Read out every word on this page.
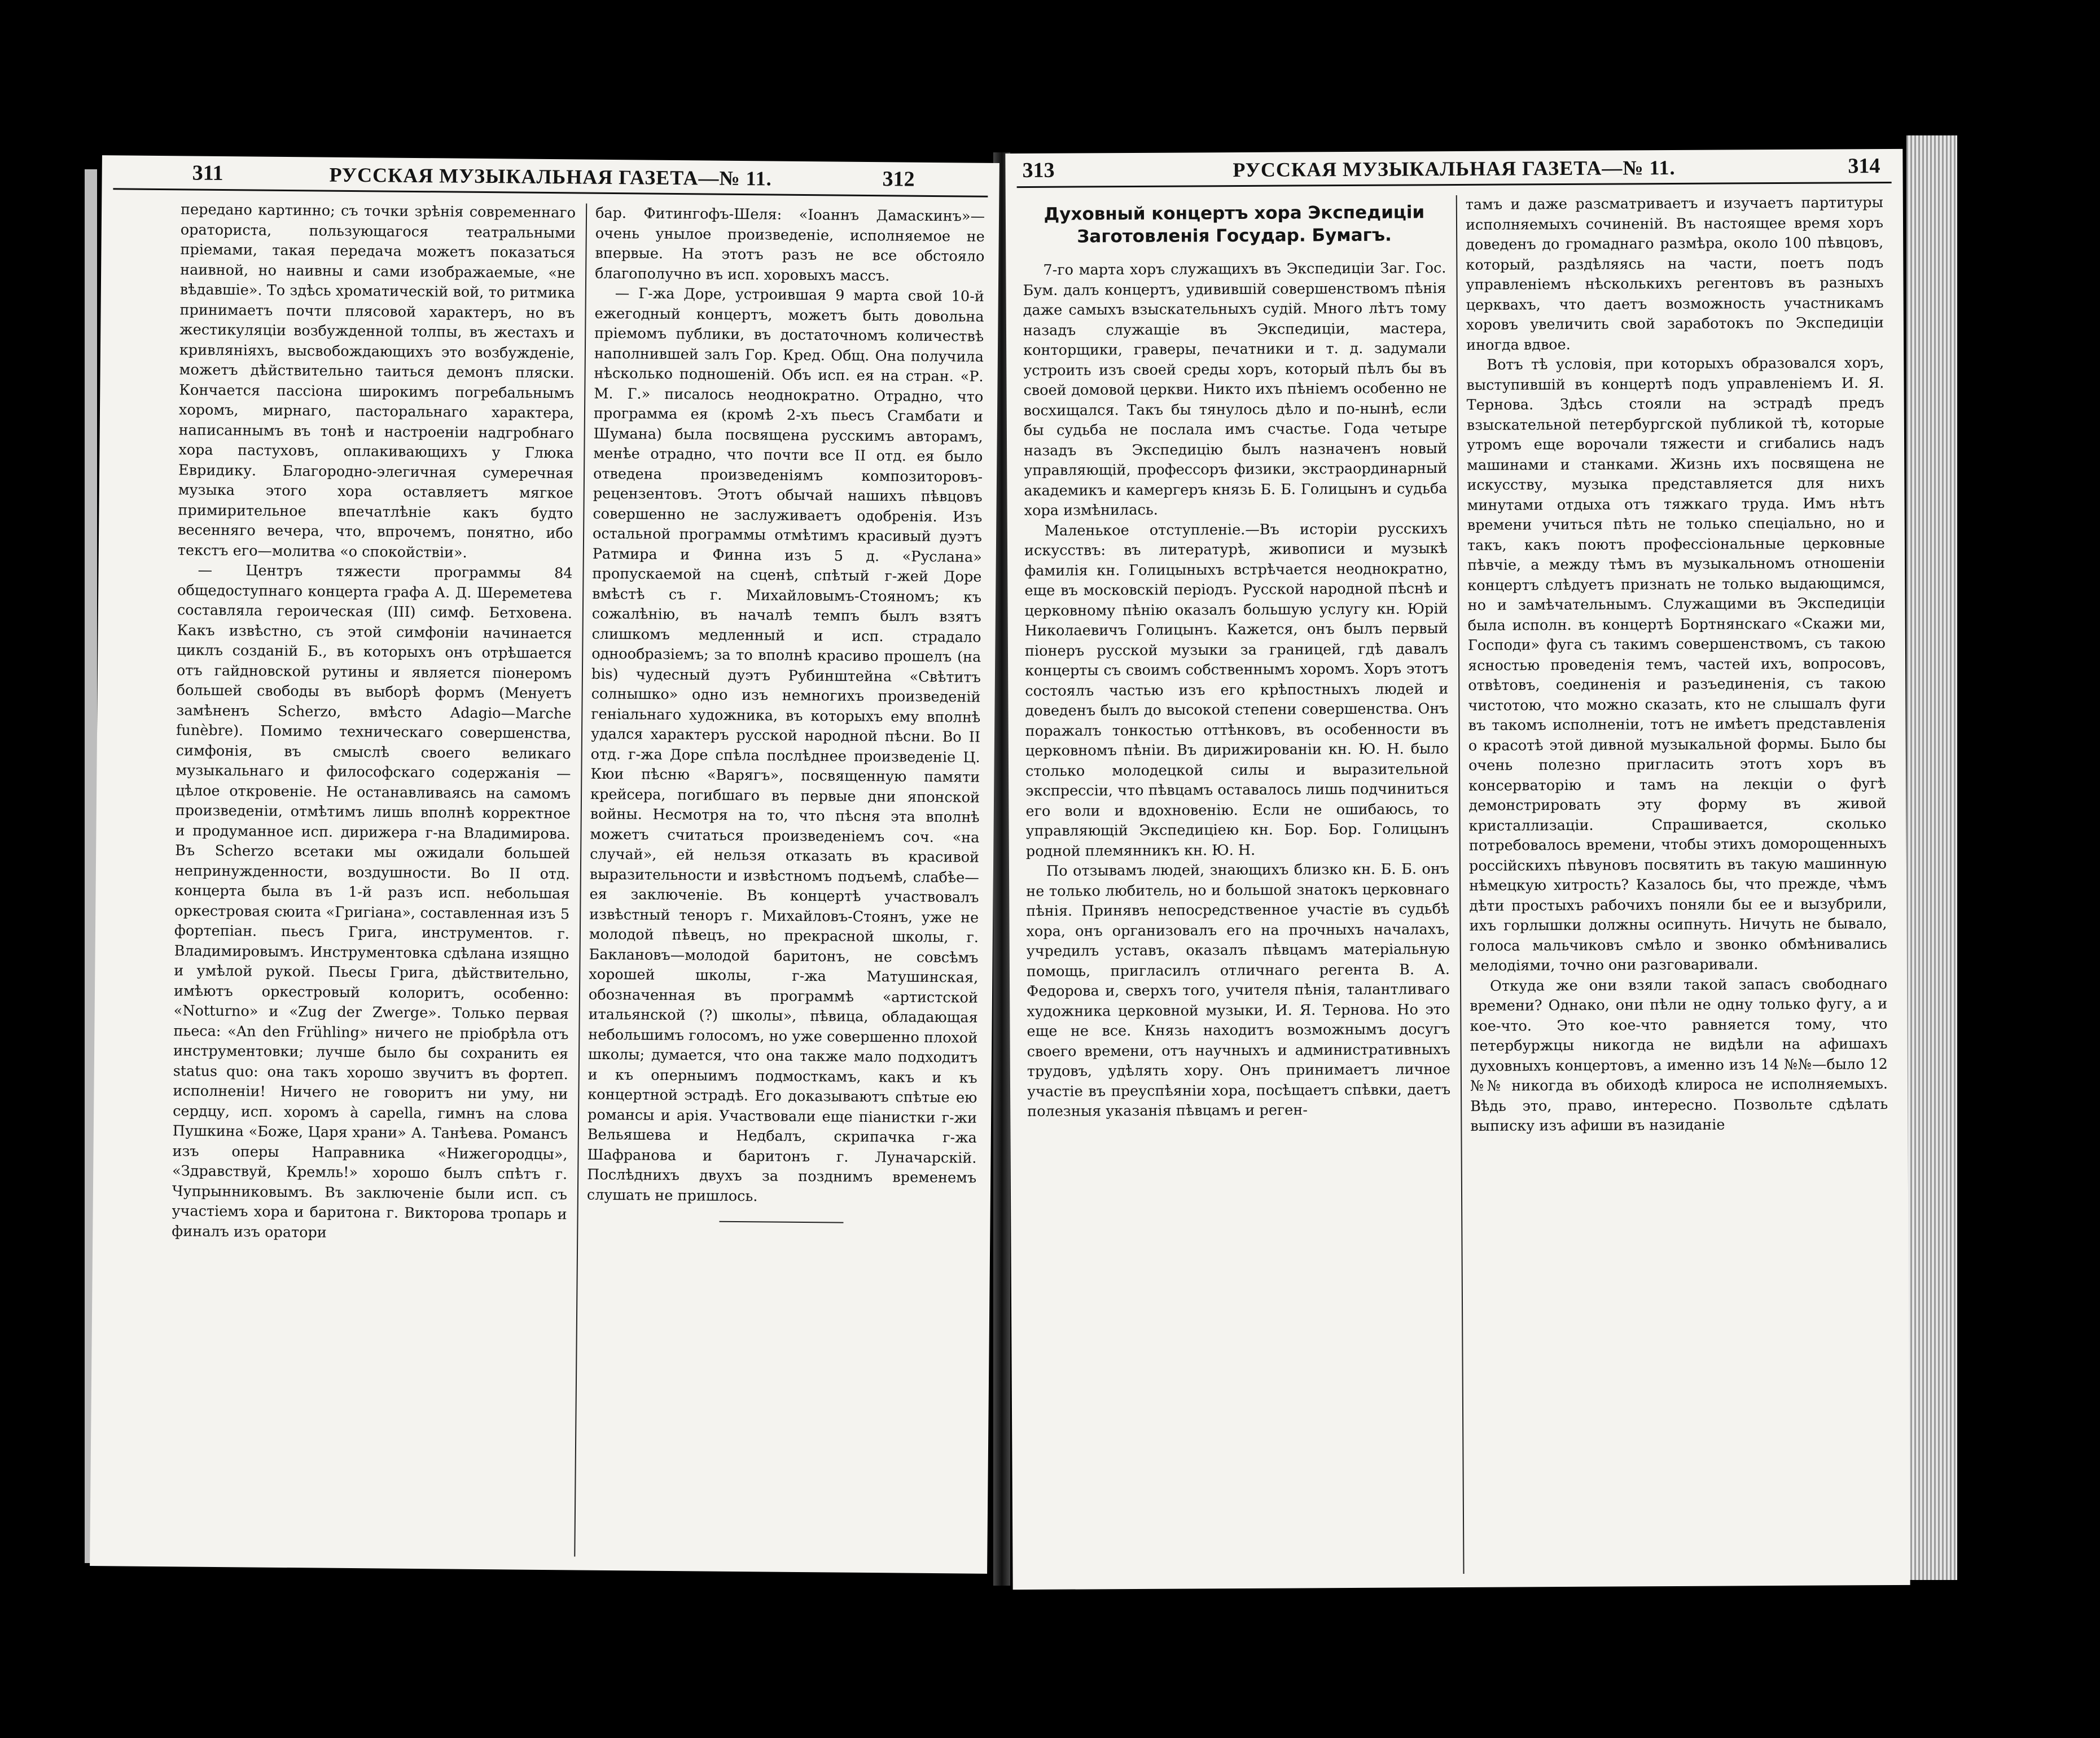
311	РУССКАЯ МУЗЫКАЛЬНАЯ ГАЗЕТА—№ 11.	312

передано картинно; съ точки зрѣнія современнаго ораториста, пользующагося театральными пріемами, такая передача можетъ показаться наивной, но наивны и сами изображаемые, «не вѣдавшіе». То здѣсь хроматическій вой, то ритмика принимаетъ почти плясовой характеръ, но въ жестикуляціи возбужденной толпы, въ жестахъ и кривляніяхъ, высвобождающихъ это возбужденіе, можетъ дѣйствительно таиться демонъ пляски. Кончается пассіона широкимъ погребальнымъ хоромъ, мирнаго, пасторальнаго характера, написаннымъ въ тонѣ и настроеніи надгробнаго хора пастуховъ, оплакивающихъ у Глюка Евридику. Благородно-элегичная сумеречная музыка этого хора оставляетъ мягкое примирительное впечатлѣніе какъ будто весенняго вечера, что, впрочемъ, понятно, ибо текстъ его—молитва «о спокойствіи».

— Центръ тяжести программы 84 общедоступнаго концерта графа А. Д. Шереметева составляла героическая (III) симф. Бетховена. Какъ извѣстно, съ этой симфоніи начинается циклъ созданій Б., въ которыхъ онъ отрѣшается отъ гайдновской рутины и является піонеромъ большей свободы въ выборѣ формъ (Менуетъ замѣненъ Scherzo, вмѣсто Adagio—Marche funèbre). Помимо техническаго совершенства, симфонія, въ смыслѣ своего великаго музыкальнаго и философскаго содержанія — цѣлое откровеніе. Не останавливаясь на самомъ произведеніи, отмѣтимъ лишь вполнѣ корректное и продуманное исп. дирижера г-на Владимирова. Въ Scherzo всетаки мы ожидали большей непринужденности, воздушности. Во II отд. концерта была въ 1-й разъ исп. небольшая оркестровая сюита «Григіана», составленная изъ 5 фортепіан. пьесъ Грига, инструментов. г. Владимировымъ. Инструментовка сдѣлана изящно и умѣлой рукой. Пьесы Грига, дѣйствительно, имѣютъ оркестровый колоритъ, особенно: «Notturno» и «Zug der Zwerge». Только первая пьеса: «An den Frühling» ничего не пріобрѣла отъ инструментовки; лучше было бы сохранить ея status quo: она такъ хорошо звучитъ въ фортеп. исполненіи! Ничего не говоритъ ни уму, ни сердцу, исп. хоромъ à capella, гимнъ на слова Пушкина «Боже, Царя храни» А. Танѣева. Романсъ изъ оперы Направника «Нижегородцы», «Здравствуй, Кремль!» хорошо былъ спѣтъ г. Чупрынниковымъ. Въ заключеніе были исп. съ участіемъ хора и баритона г. Викторова тропарь и финалъ изъ оратори

бар. Фитингофъ-Шеля: «Іоаннъ Дамаскинъ»— очень унылое произведеніе, исполняемое не впервые. На этотъ разъ не все обстояло благополучно въ исп. хоровыхъ массъ.

— Г-жа Доре, устроившая 9 марта свой 10-й ежегодный концертъ, можетъ быть довольна пріемомъ публики, въ достаточномъ количествѣ наполнившей залъ Гор. Кред. Общ. Она получила нѣсколько подношеній. Объ исп. ея на стран. «Р. М. Г.» писалось неоднократно. Отрадно, что программа ея (кромѣ 2-хъ пьесъ Сгамбати и Шумана) была посвящена русскимъ авторамъ, менѣе отрадно, что почти все II отд. ея было отведена произведеніямъ композиторовъ-рецензентовъ. Этотъ обычай нашихъ пѣвцовъ совершенно не заслуживаетъ одобренія. Изъ остальной программы отмѣтимъ красивый дуэтъ Ратмира и Финна изъ 5 д. «Руслана» пропускаемой на сценѣ, спѣтый г-жей Доре вмѣстѣ съ г. Михайловымъ-Стояномъ; къ сожалѣнію, въ началѣ темпъ былъ взятъ слишкомъ медленный и исп. страдало однообразіемъ; за то вполнѣ красиво прошелъ (на bis) чудесный дуэтъ Рубинштейна «Свѣтитъ солнышко» одно изъ немногихъ произведеній геніальнаго художника, въ которыхъ ему вполнѣ удался характеръ русской народной пѣсни. Во II отд. г-жа Доре спѣла послѣднее произведеніе Ц. Кюи пѣсню «Варягъ», посвященную памяти крейсера, погибшаго въ первые дни японской войны. Несмотря на то, что пѣсня эта вполнѣ можетъ считаться произведеніемъ соч. «на случай», ей нельзя отказать въ красивой выразительности и извѣстномъ подъемѣ, слабѣе—ея заключеніе. Въ концертѣ участвовалъ извѣстный теноръ г. Михайловъ-Стоянъ, уже не молодой пѣвецъ, но прекрасной школы, г. Баклановъ—молодой баритонъ, не совсѣмъ хорошей школы, г-жа Матушинская, обозначенная въ программѣ «артистской итальянской (?) школы», пѣвица, обладающая небольшимъ голосомъ, но уже совершенно плохой школы; думается, что она также мало подходитъ и къ оперныимъ подмосткамъ, какъ и къ концертной эстрадѣ. Его доказываютъ спѣтые ею романсы и арія. Участвовали еще піанистки г-жи Вельяшева и Недбалъ, скрипачка г-жа Шафранова и баритонъ г. Луначарскій. Послѣднихъ двухъ за позднимъ временемъ слушать не пришлось.

313	РУССКАЯ МУЗЫКАЛЬНАЯ ГАЗЕТА—№ 11.	314
Духовный концертъ хора Экспедиціи Заготовленія Государ. Бумагъ.

7-го марта хоръ служащихъ въ Экспедиціи Заг. Гос. Бум. далъ концертъ, удивившій совершенствомъ пѣнія даже самыхъ взыскательныхъ судій. Много лѣтъ тому назадъ служащіе въ Экспедиціи, мастера, конторщики, граверы, печатники и т. д. задумали устроить изъ своей среды хоръ, который пѣлъ бы въ своей домовой церкви. Никто ихъ пѣніемъ особенно не восхищался. Такъ бы тянулось дѣло и по-нынѣ, если бы судьба не послала имъ счастье. Года четыре назадъ въ Экспедицію былъ назначенъ новый управляющій, профессоръ физики, экстраординарный академикъ и камергеръ князь Б. Б. Голицынъ и судьба хора измѣнилась.

Маленькое отступленіе.—Въ исторіи русскихъ искусствъ: въ литературѣ, живописи и музыкѣ фамилія кн. Голицыныхъ встрѣчается неоднократно, еще въ московскій періодъ. Русской народной пѣснѣ и церковному пѣнію оказалъ большую услугу кн. Юрій Николаевичъ Голицынъ. Кажется, онъ былъ первый піонеръ русской музыки за границей, гдѣ давалъ концерты съ своимъ собственнымъ хоромъ. Хоръ этотъ состоялъ частью изъ его крѣпостныхъ людей и доведенъ былъ до высокой степени совершенства. Онъ поражалъ тонкостью оттѣнковъ, въ особенности въ церковномъ пѣніи. Въ дирижированіи кн. Ю. Н. было столько молодецкой силы и выразительной экспрессіи, что пѣвцамъ оставалось лишь подчиниться его воли и вдохновенію. Если не ошибаюсь, то управляющій Экспедиціею кн. Бор. Бор. Голицынъ родной племянникъ кн. Ю. Н.

По отзывамъ людей, знающихъ близко кн. Б. Б. онъ не только любитель, но и большой знатокъ церковнаго пѣнія. Принявъ непосредственное участіе въ судьбѣ хора, онъ организовалъ его на прочныхъ началахъ, учредилъ уставъ, оказалъ пѣвцамъ матеріальную помощь, пригласилъ отличнаго регента В. А. Федорова и, сверхъ того, учителя пѣнія, талантливаго художника церковной музыки, И. Я. Тернова. Но это еще не все. Князь находитъ возможнымъ досугъ своего времени, отъ научныхъ и административныхъ трудовъ, удѣлять хору. Онъ принимаетъ личное участіе въ преуспѣяніи хора, посѣщаетъ спѣвки, даетъ полезныя указанія пѣвцамъ и реген-

тамъ и даже разсматриваетъ и изучаетъ партитуры исполняемыхъ сочиненій. Въ настоящее время хоръ доведенъ до громаднаго размѣра, около 100 пѣвцовъ, который, раздѣляясь на части, поетъ подъ управленіемъ нѣсколькихъ регентовъ въ разныхъ церквахъ, что даетъ возможность участникамъ хоровъ увеличить свой заработокъ по Экспедиціи иногда вдвое.

Вотъ тѣ условія, при которыхъ образовался хоръ, выступившій въ концертѣ подъ управленіемъ И. Я. Тернова. Здѣсь стояли на эстрадѣ предъ взыскательной петербургской публикой тѣ, которые утромъ еще ворочали тяжести и сгибались надъ машинами и станками. Жизнь ихъ посвящена не искусству, музыка представляется для нихъ минутами отдыха отъ тяжкаго труда. Имъ нѣтъ времени учиться пѣть не только спеціально, но и такъ, какъ поютъ профессіональные церковные пѣвчіе, а между тѣмъ въ музыкальномъ отношеніи концертъ слѣдуетъ признать не только выдающимся, но и замѣчательнымъ. Служащими въ Экспедиціи была исполн. въ концертѣ Бортнянскаго «Скажи ми, Господи» фуга съ такимъ совершенствомъ, съ такою ясностью проведенія темъ, частей ихъ, вопросовъ, отвѣтовъ, соединенія и разъединенія, съ такою чистотою, что можно сказать, кто не слышалъ фуги въ такомъ исполненіи, тотъ не имѣетъ представленія о красотѣ этой дивной музыкальной формы. Было бы очень полезно пригласить этотъ хоръ въ консерваторію и тамъ на лекціи о фугѣ демонстрировать эту форму въ живой кристаллизаціи. Спрашивается, сколько потребовалось времени, чтобы этихъ доморощенныхъ россійскихъ пѣвуновъ посвятить въ такую машинную нѣмецкую хитрость? Казалось бы, что прежде, чѣмъ дѣти простыхъ рабочихъ поняли бы ее и вызубрили, ихъ горлышки должны осипнуть. Ничуть не бывало, голоса мальчиковъ смѣло и звонко обмѣнивались мелодіями, точно они разговаривали.

Откуда же они взяли такой запасъ свободнаго времени? Однако, они пѣли не одну только фугу, а и кое-что. Это кое-что равняется тому, что петербуржцы никогда не видѣли на афишахъ духовныхъ концертовъ, а именно изъ 14 №№—было 12 №№ никогда въ обиходѣ клироса не исполняемыхъ. Вѣдь это, право, интересно. Позвольте сдѣлать выписку изъ афиши въ назиданіе
